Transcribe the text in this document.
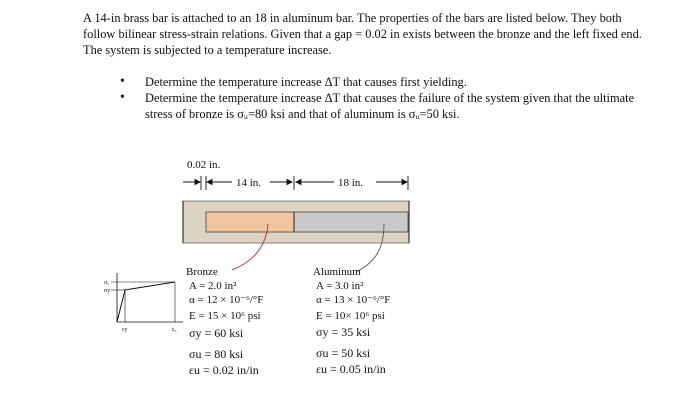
A 14-in brass bar is attached to an 18 in aluminum bar. The properties of the bars are listed below. They both follow bilinear stress-strain relations. Given that a gap = 0.02 in exists between the bronze and the left fixed end. The system is subjected to a temperature increase.

• Determine the temperature increase ΔT that causes first yielding.
• Determine the temperature increase ΔT that causes the failure of the system given that the ultimate stress of bronze is σᵤ=80 ksi and that of aluminum is σᵤ=50 ksi.
0.02 in.
14 in.	18 in.
σᵤ
σy
εy	εᵤ
Bronze
A = 2.0 in²
α = 12 × 10⁻⁶/°F
E = 15 × 10⁶ psi
σy = 60 ksi
σu = 80 ksi
εu = 0.02 in/in
Aluminum
A = 3.0 in²
α = 13 × 10⁻⁶/°F
E = 10× 10⁶ psi
σy = 35 ksi
σu = 50 ksi
εu = 0.05 in/in
